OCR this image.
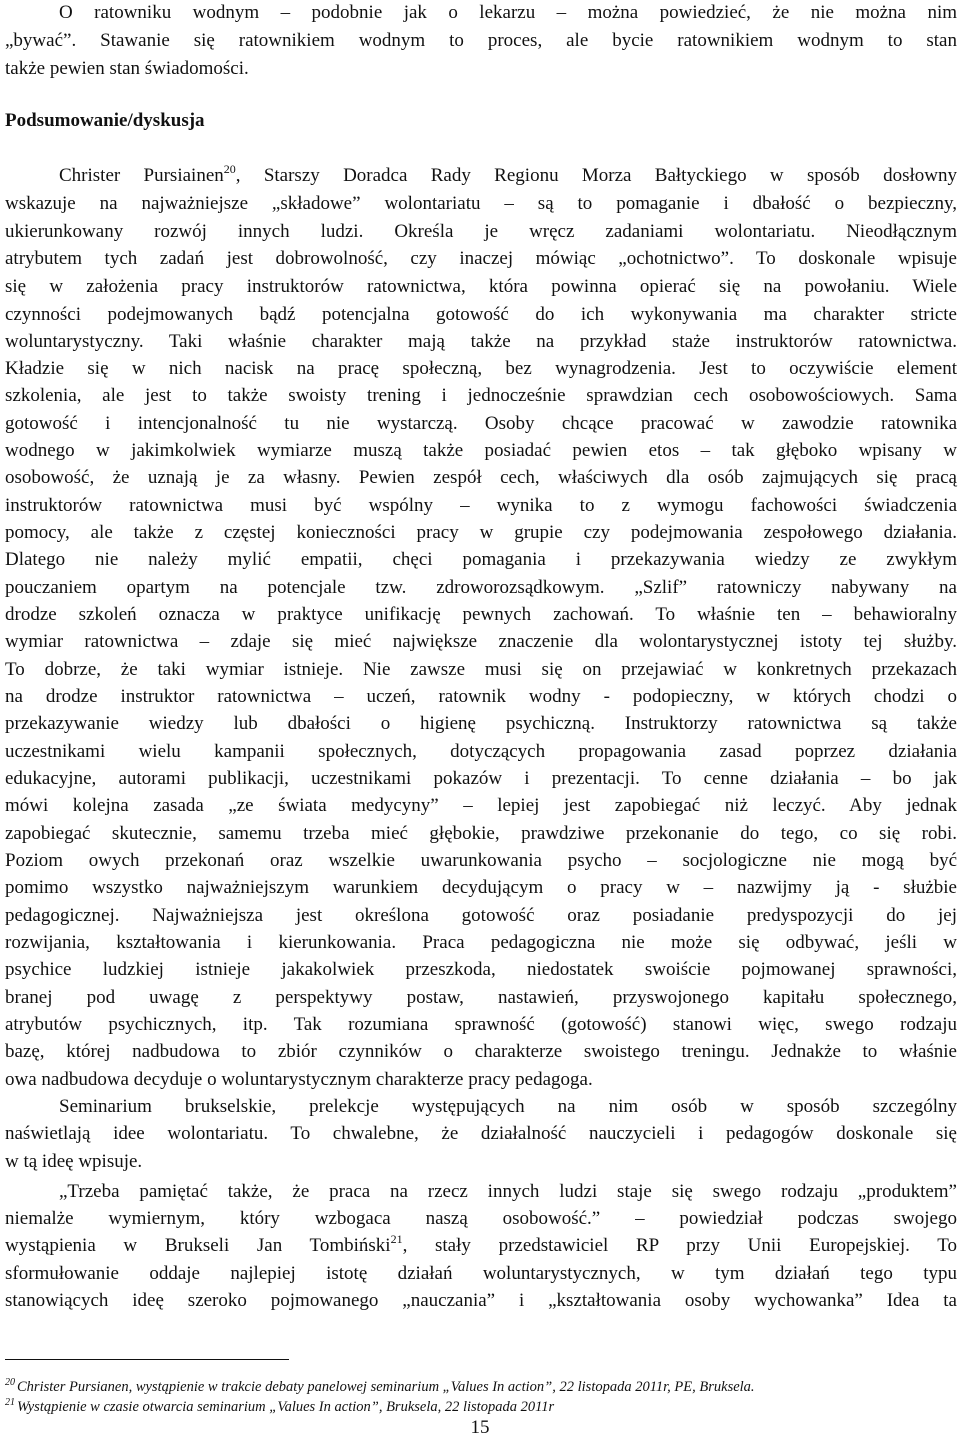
O ratowniku wodnym – podobnie jak o lekarzu – można powiedzieć, że nie można nim
„bywać”. Stawanie się ratownikiem wodnym to proces, ale bycie ratownikiem wodnym to stan
także pewien stan świadomości.
Podsumowanie/dyskusja
Christer Pursiainen$^{20}$, Starszy Doradca Rady Regionu Morza Bałtyckiego w sposób dosłowny
wskazuje na najważniejsze „składowe” wolontariatu – są to pomaganie i dbałość o bezpieczny,
ukierunkowany rozwój innych ludzi. Określa je wręcz zadaniami wolontariatu. Nieodłącznym
atrybutem tych zadań jest dobrowolność, czy inaczej mówiąc „ochotnictwo”. To doskonale wpisuje
się w założenia pracy instruktorów ratownictwa, która powinna opierać się na powołaniu. Wiele
czynności podejmowanych bądź potencjalna gotowość do ich wykonywania ma charakter stricte
woluntarystyczny. Taki właśnie charakter mają także na przykład staże instruktorów ratownictwa.
Kładzie się w nich nacisk na pracę społeczną, bez wynagrodzenia. Jest to oczywiście element
szkolenia, ale jest to także swoisty trening i jednocześnie sprawdzian cech osobowościowych. Sama
gotowość i intencjonalność tu nie wystarczą. Osoby chcące pracować w zawodzie ratownika
wodnego w jakimkolwiek wymiarze muszą także posiadać pewien etos – tak głęboko wpisany w
osobowość, że uznają je za własny. Pewien zespół cech, właściwych dla osób zajmujących się pracą
instruktorów ratownictwa musi być wspólny – wynika to z wymogu fachowości świadczenia
pomocy, ale także z częstej konieczności pracy w grupie czy podejmowania zespołowego działania.
Dlatego nie należy mylić empatii, chęci pomagania i przekazywania wiedzy ze zwykłym
pouczaniem opartym na potencjale tzw. zdroworozsądkowym. „Szlif” ratowniczy nabywany na
drodze szkoleń oznacza w praktyce unifikację pewnych zachowań. To właśnie ten – behawioralny
wymiar ratownictwa – zdaje się mieć największe znaczenie dla wolontarystycznej istoty tej służby.
To dobrze, że taki wymiar istnieje. Nie zawsze musi się on przejawiać w konkretnych przekazach
na drodze instruktor ratownictwa – uczeń, ratownik wodny - podopieczny, w których chodzi o
przekazywanie wiedzy lub dbałości o higienę psychiczną. Instruktorzy ratownictwa są także
uczestnikami wielu kampanii społecznych, dotyczących propagowania zasad poprzez działania
edukacyjne, autorami publikacji, uczestnikami pokazów i prezentacji. To cenne działania – bo jak
mówi kolejna zasada „ze świata medycyny” – lepiej jest zapobiegać niż leczyć. Aby jednak
zapobiegać skutecznie, samemu trzeba mieć głębokie, prawdziwe przekonanie do tego, co się robi.
Poziom owych przekonań oraz wszelkie uwarunkowania psycho – socjologiczne nie mogą być
pomimo wszystko najważniejszym warunkiem decydującym o pracy w – nazwijmy ją - służbie
pedagogicznej. Najważniejsza jest określona gotowość oraz posiadanie predyspozycji do jej
rozwijania, kształtowania i kierunkowania. Praca pedagogiczna nie może się odbywać, jeśli w
psychice ludzkiej istnieje jakakolwiek przeszkoda, niedostatek swoiście pojmowanej sprawności,
branej pod uwagę z perspektywy postaw, nastawień, przyswojonego kapitału społecznego,
atrybutów psychicznych, itp. Tak rozumiana sprawność (gotowość) stanowi więc, swego rodzaju
bazę, której nadbudowa to zbiór czynników o charakterze swoistego treningu. Jednakże to właśnie
owa nadbudowa decyduje o woluntarystycznym charakterze pracy pedagoga.
Seminarium brukselskie, prelekcje występujących na nim osób w sposób szczególny
naświetlają idee wolontariatu. To chwalebne, że działalność nauczycieli i pedagogów doskonale się
w tą ideę wpisuje.
„Trzeba pamiętać także, że praca na rzecz innych ludzi staje się swego rodzaju „produktem”
niemalże wymiernym, który wzbogaca naszą osobowość.” – powiedział podczas swojego
wystąpienia w Brukseli Jan Tombiński$^{21}$, stały przedstawiciel RP przy Unii Europejskiej. To
sformułowanie oddaje najlepiej istotę działań woluntarystycznych, w tym działań tego typu
stanowiących ideę szeroko pojmowanego „nauczania” i „kształtowania osoby wychowanka” Idea ta
$^{20}$ Christer Pursianen, wystąpienie w trakcie debaty panelowej seminarium „Values In action”, 22 listopada 2011r, PE, Bruksela.
$^{21}$ Wystąpienie w czasie otwarcia seminarium „Values In action”, Bruksela, 22 listopada 2011r
15
